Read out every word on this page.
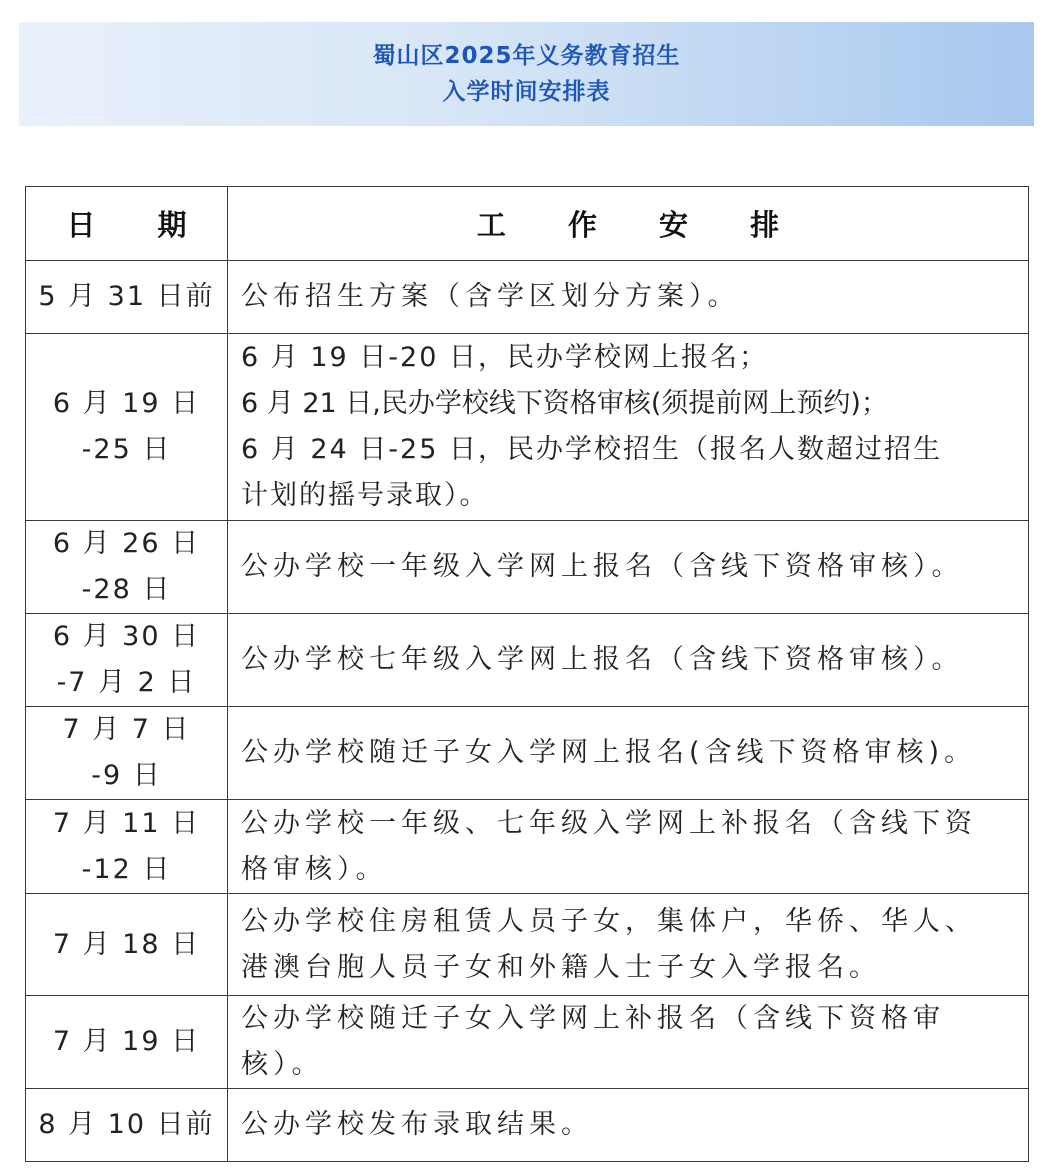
蜀山区2025年义务教育招生
入学时间安排表
日 期	工 作 安 排

5 月 31 日前	公布招生方案（含学区划分方案）。

6 月 19 日
-25 日	6 月 19 日-20 日，民办学校网上报名；
6 月 21 日,民办学校线下资格审核(须提前网上预约)；
6 月 24 日-25 日，民办学校招生（报名人数超过招生
计划的摇号录取）。

6 月 26 日
-28 日	公办学校一年级入学网上报名（含线下资格审核）。

6 月 30 日
-7 月 2 日	公办学校七年级入学网上报名（含线下资格审核）。

7 月 7 日
-9 日	公办学校随迁子女入学网上报名(含线下资格审核)。

7 月 11 日
-12 日	公办学校一年级、七年级入学网上补报名（含线下资
格审核）。

7 月 18 日	公办学校住房租赁人员子女，集体户，华侨、华人、
港澳台胞人员子女和外籍人士子女入学报名。

7 月 19 日	公办学校随迁子女入学网上补报名（含线下资格审
核）。

8 月 10 日前	公办学校发布录取结果。
